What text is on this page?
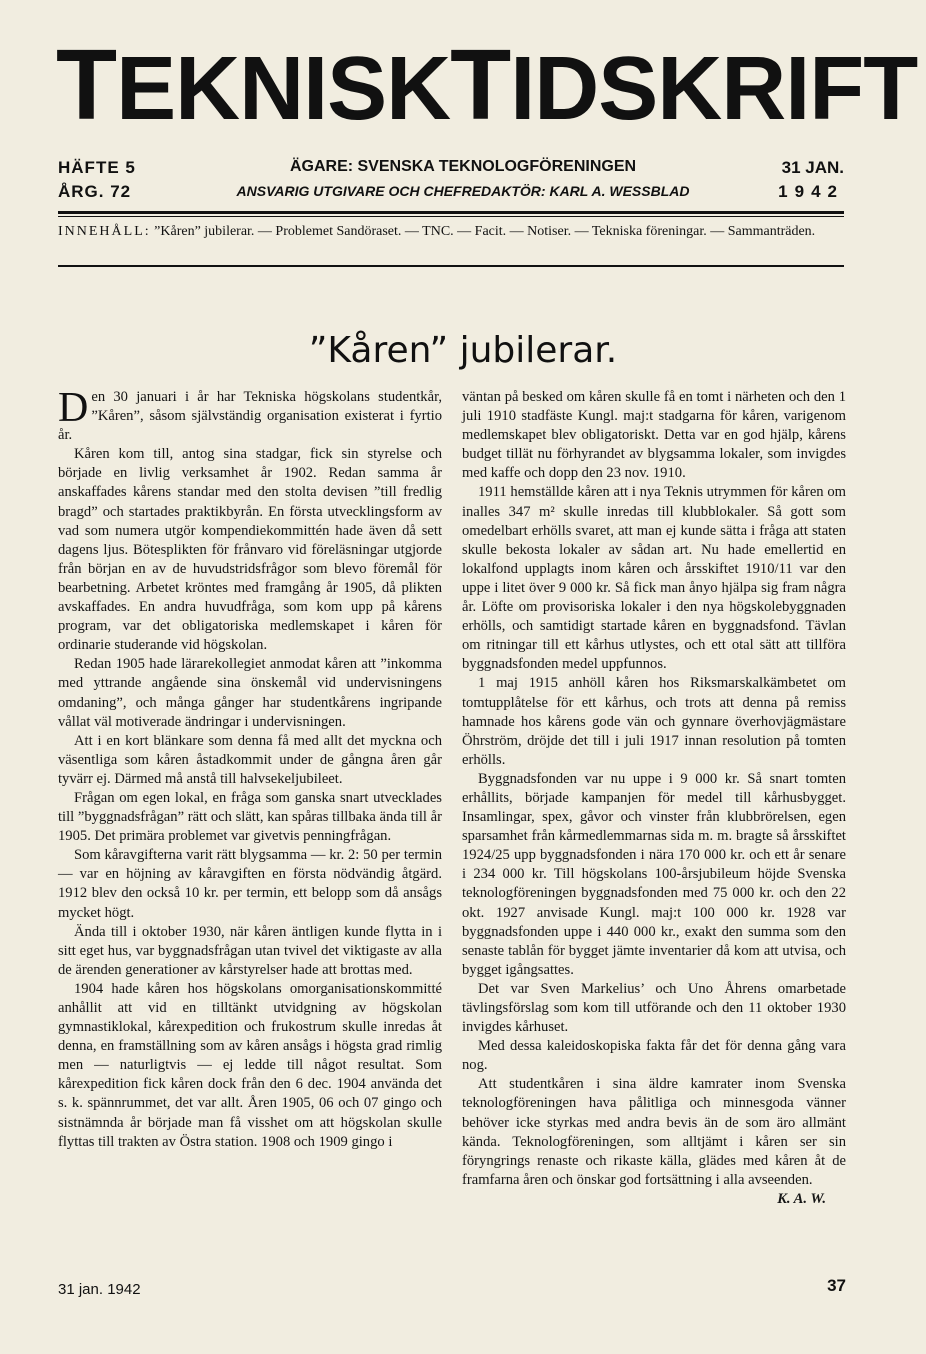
TEKNISKTIDSKRIFT
HÄFTE 5
ÅRG. 72
ÄGARE: SVENSKA TEKNOLOGFÖRENINGEN
ANSVARIG UTGIVARE OCH CHEFREDAKTÖR: KARL A. WESSBLAD
31 JAN.
1942
INNEHÅLL: ”Kåren” jubilerar. — Problemet Sandöraset. — TNC. — Facit. — Notiser. — Tekniska föreningar. — Sammanträden.
”Kåren” jubilerar.

Den 30 januari i år har Tekniska högskolans studentkår, ”Kåren”, såsom självständig organisation existerat i fyrtio år.

Kåren kom till, antog sina stadgar, fick sin styrelse och började en livlig verksamhet år 1902. Redan samma år anskaffades kårens standar med den stolta devisen ”till fredlig bragd” och startades praktikbyrån. En första utvecklingsform av vad som numera utgör kompendiekommittén hade även då sett dagens ljus. Bötesplikten för frånvaro vid föreläsningar utgjorde från början en av de huvudstridsfrågor som blevo föremål för bearbetning. Arbetet kröntes med framgång år 1905, då plikten avskaffades. En andra huvudfråga, som kom upp på kårens program, var det obligatoriska medlemskapet i kåren för ordinarie studerande vid högskolan.

Redan 1905 hade lärarekollegiet anmodat kåren att ”inkomma med yttrande angående sina önskemål vid undervisningens omdaning”, och många gånger har studentkårens ingripande vållat väl motiverade ändringar i undervisningen.

Att i en kort blänkare som denna få med allt det myckna och väsentliga som kåren åstadkommit under de gångna åren går tyvärr ej. Därmed må anstå till halvsekeljubileet.

Frågan om egen lokal, en fråga som ganska snart utvecklades till ”byggnadsfrågan” rätt och slätt, kan spåras tillbaka ända till år 1905. Det primära problemet var givetvis penningfrågan.

Som kåravgifterna varit rätt blygsamma — kr. 2: 50 per termin — var en höjning av kåravgiften en första nödvändig åtgärd. 1912 blev den också 10 kr. per termin, ett belopp som då ansågs mycket högt.

Ända till i oktober 1930, när kåren äntligen kunde flytta in i sitt eget hus, var byggnadsfrågan utan tvivel det viktigaste av alla de ärenden generationer av kårstyrelser hade att brottas med.

1904 hade kåren hos högskolans omorganisationskommitté anhållit att vid en tilltänkt utvidgning av högskolan gymnastiklokal, kårexpedition och frukostrum skulle inredas åt denna, en framställning som av kåren ansågs i högsta grad rimlig men — naturligtvis — ej ledde till något resultat. Som kårexpedition fick kåren dock från den 6 dec. 1904 använda det s. k. spännrummet, det var allt. Åren 1905, 06 och 07 gingo och sistnämnda år började man få visshet om att högskolan skulle flyttas till trakten av Östra station. 1908 och 1909 gingo i

väntan på besked om kåren skulle få en tomt i närheten och den 1 juli 1910 stadfäste Kungl. maj:t stadgarna för kåren, varigenom medlemskapet blev obligatoriskt. Detta var en god hjälp, kårens budget tillät nu förhyrandet av blygsamma lokaler, som invigdes med kaffe och dopp den 23 nov. 1910.

1911 hemställde kåren att i nya Teknis utrymmen för kåren om inalles 347 m² skulle inredas till klubblokaler. Så gott som omedelbart erhölls svaret, att man ej kunde sätta i fråga att staten skulle bekosta lokaler av sådan art. Nu hade emellertid en lokalfond upplagts inom kåren och årsskiftet 1910/11 var den uppe i litet över 9 000 kr. Så fick man ånyo hjälpa sig fram några år. Löfte om provisoriska lokaler i den nya högskolebyggnaden erhölls, och samtidigt startade kåren en byggnadsfond. Tävlan om ritningar till ett kårhus utlystes, och ett otal sätt att tillföra byggnadsfonden medel uppfunnos.

1 maj 1915 anhöll kåren hos Riksmarskalkämbetet om tomtupplåtelse för ett kårhus, och trots att denna på remiss hamnade hos kårens gode vän och gynnare överhovjägmästare Öhrström, dröjde det till i juli 1917 innan resolution på tomten erhölls.

Byggnadsfonden var nu uppe i 9 000 kr. Så snart tomten erhållits, började kampanjen för medel till kårhusbygget. Insamlingar, spex, gåvor och vinster från klubbrörelsen, egen sparsamhet från kårmedlemmarnas sida m. m. bragte så årsskiftet 1924/25 upp byggnadsfonden i nära 170 000 kr. och ett år senare i 234 000 kr. Till högskolans 100-årsjubileum höjde Svenska teknologföreningen byggnadsfonden med 75 000 kr. och den 22 okt. 1927 anvisade Kungl. maj:t 100 000 kr. 1928 var byggnadsfonden uppe i 440 000 kr., exakt den summa som den senaste tablån för bygget jämte inventarier då kom att utvisa, och bygget igångsattes.

Det var Sven Markelius’ och Uno Åhrens omarbetade tävlingsförslag som kom till utförande och den 11 oktober 1930 invigdes kårhuset.

Med dessa kaleidoskopiska fakta får det för denna gång vara nog.

Att studentkåren i sina äldre kamrater inom Svenska teknologföreningen hava pålitliga och minnesgoda vänner behöver icke styrkas med andra bevis än de som äro allmänt kända. Teknologföreningen, som alltjämt i kåren ser sin föryngrings renaste och rikaste källa, glädes med kåren åt de framfarna åren och önskar god fortsättning i alla avseenden.

K. A. W.

31 jan. 1942	37
